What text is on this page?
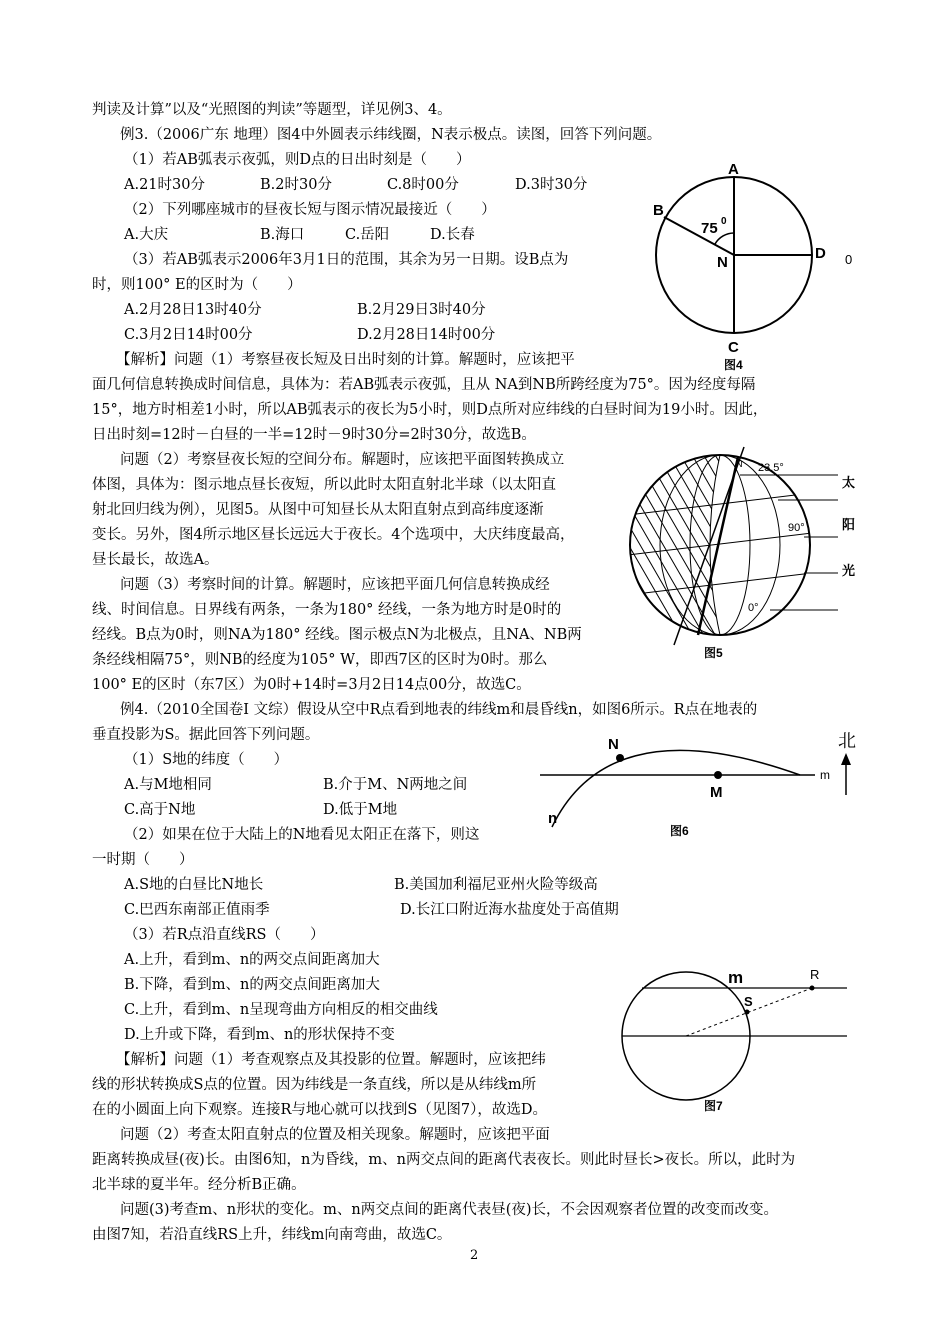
判读及计算”以及“光照图的判读”等题型，详见例3、4。
例3.（2006广东 地理）图4中外圆表示纬线圈，N表示极点。读图，回答下列问题。
（1）若AB弧表示夜弧，则D点的日出时刻是（　　）
A.21时30分	B.2时30分	C.8时00分	D.3时30分
（2）下列哪座城市的昼夜长短与图示情况最接近（　　）
A.大庆	B.海口	C.岳阳	D.长春
（3）若AB弧表示2006年3月1日的范围，其余为另一日期。设B点为
时，则100° E的区时为（　　）
A.2月28日13时40分	B.2月29日3时40分
C.3月2日14时00分	D.2月28日14时00分
【解析】问题（1）考察昼夜长短及日出时刻的计算。解题时，应该把平
面几何信息转换成时间信息，具体为：若AB弧表示夜弧，且从 NA到NB所跨经度为75°。因为经度每隔
15°，地方时相差1小时，所以AB弧表示的夜长为5小时，则D点所对应纬线的白昼时间为19小时。因此，
日出时刻=12时－白昼的一半=12时－9时30分=2时30分，故选B。
问题（2）考察昼夜长短的空间分布。解题时，应该把平面图转换成立
体图，具体为：图示地点昼长夜短，所以此时太阳直射北半球（以太阳直
射北回归线为例），见图5。从图中可知昼长从太阳直射点到高纬度逐渐
变长。另外，图4所示地区昼长远远大于夜长。4个选项中，大庆纬度最高，
昼长最长，故选A。
问题（3）考察时间的计算。解题时，应该把平面几何信息转换成经
线、时间信息。日界线有两条，一条为180° 经线，一条为地方时是0时的
经线。B点为0时，则NA为180° 经线。图示极点N为北极点，且NA、NB两
条经线相隔75°，则NB的经度为105° W，即西7区的区时为0时。那么
100° E的区时（东7区）为0时+14时=3月2日14点00分，故选C。
例4.（2010全国卷Ⅰ 文综）假设从空中R点看到地表的纬线m和晨昏线n，如图6所示。R点在地表的
垂直投影为S。据此回答下列问题。
（1）S地的纬度（　　）
A.与M地相同	B.介于M、N两地之间
C.高于N地	D.低于M地
（2）如果在位于大陆上的N地看见太阳正在落下，则这
一时期（　　）
A.S地的白昼比N地长	B.美国加利福尼亚州火险等级高
C.巴西东南部正值雨季	D.长江口附近海水盐度处于高值期
（3）若R点沿直线RS（　　）
A.上升，看到m、n的两交点间距离加大
B.下降，看到m、n的两交点间距离加大
C.上升，看到m、n呈现弯曲方向相反的相交曲线
D.上升或下降，看到m、n的形状保持不变
【解析】问题（1）考查观察点及其投影的位置。解题时，应该把纬
线的形状转换成S点的位置。因为纬线是一条直线，所以是从纬线m所
在的小圆面上向下观察。连接R与地心就可以找到S（见图7），故选D。
问题（2）考查太阳直射点的位置及相关现象。解题时，应该把平面
距离转换成昼(夜)长。由图6知，n为昏线，m、n两交点间的距离代表夜长。则此时昼长>夜长。所以，此时为
北半球的夏半年。经分析B正确。
问题(3)考查m、n形状的变化。m、n两交点间的距离代表昼(夜)长，不会因观察者位置的改变而改变。
由图7知，若沿直线RS上升，纬线m向南弯曲，故选C。
2
A
B
D
C
N
75 0
0
图4
23.5°
90°
0°
N
太
阳
光
图5
N
M
m
n
北
图6
m	R
S
图7
